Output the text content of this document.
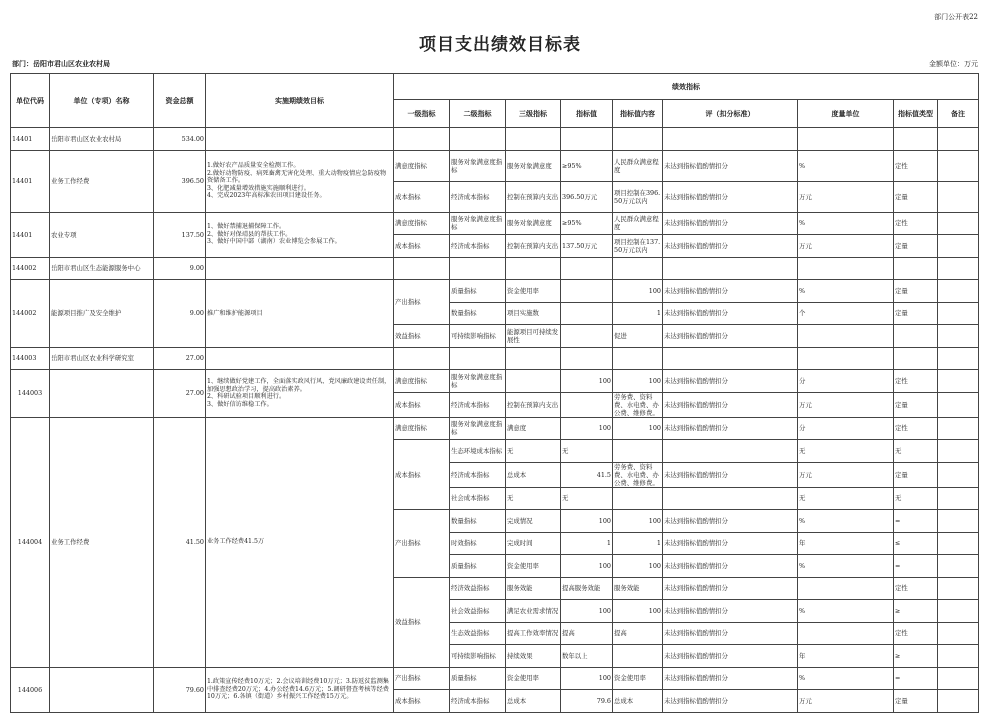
部门公开表22
项目支出绩效目标表
部门：岳阳市君山区农业农村局	金额单位：万元
单位代码	单位（专项）名称	资金总额	实施期绩效目标	绩效指标								
				一级指标	二级指标	三级指标	指标值	指标值内容	评（扣分标准）	度量单位	指标值类型	备注
14401	岳阳市君山区农业农村局	534.00										
14401	业务工作经费	396.50	1.做好农产品质量安全检测工作。
2.做好动物防疫、病死畜禽无害化处理、重大动物疫情应急防疫物资储备工作。
3、化肥减量增效措施实施顺利进行。
4、完成2023年高标准农田项目建设任务。	满意度指标	服务对象满意度指标	服务对象满意度	≥95%	人民群众满意程度	未达到指标值酌情扣分	%	定性	
				成本指标	经济成本指标	控制在预算内支出	396.50万元	项目控制在396.50万元以内	未达到指标值酌情扣分	万元	定量	
14401	农业专项	137.50	1、做好禁捕退捕保障工作。
2、做好对保靖县的帮扶工作。
3、做好中国中部（湖南）农业博览会参展工作。	满意度指标	服务对象满意度指标	服务对象满意度	≥95%	人民群众满意程度	未达到指标值酌情扣分	%	定性	
				成本指标	经济成本指标	控制在预算内支出	137.50万元	项目控制在137.50万元以内	未达到指标值酌情扣分	万元	定量	
144002	岳阳市君山区生态能源服务中心	9.00										
144002	能源项目推广及安全维护	9.00	推广和维护能源项目	产出指标	质量指标	资金使用率		100	未达到指标值酌情扣分	%	定量	
					数量指标	项目实施数		1	未达到指标值酌情扣分	个	定量	
				效益指标	可持续影响指标	能源项目可持续发展性		促进	未达到指标值酌情扣分			
144003	岳阳市君山区农业科学研究室	27.00										
144003		27.00	1、继续做好党建工作，全面落实政风行风、党风廉政建设责任制，加强思想政治学习，提高政治素养。
2、科研试验项目顺利进行。
3、做好信访维稳工作。	满意度指标	服务对象满意度指标		100	100	未达到指标值酌情扣分	分	定性	
				成本指标	经济成本指标	控制在预算内支出		劳务费、资料费、水电费、办公费、维修费。	未达到指标值酌情扣分	万元	定量	
144004	业务工作经费	41.50	业务工作经费41.5万	满意度指标	服务对象满意度指标	满意度	100	100	未达到指标值酌情扣分	分	定性	
				成本指标	生态环境成本指标	无	无			无	无	
					经济成本指标	总成本	41.5	劳务费、资料费、水电费、办公费、维修费。	未达到指标值酌情扣分	万元	定量	
					社会成本指标	无	无			无	无	
				产出指标	数量指标	完成情况	100	100	未达到指标值酌情扣分	%	=	
					时效指标	完成时间	1	1	未达到指标值酌情扣分	年	≤	
					质量指标	资金使用率	100	100	未达到指标值酌情扣分	%	=	
				效益指标	经济效益指标	服务效能	提高服务效能	服务效能	未达到指标值酌情扣分		定性	
					社会效益指标	满足农业需求情况	100	100	未达到指标值酌情扣分	%	≥	
					生态效益指标	提高工作效率情况	提高	提高	未达到指标值酌情扣分		定性	
					可持续影响指标	持续效果	数年以上		未达到指标值酌情扣分	年	≥	
144006		79.60	1.政策宣传经费10万元；2.会议培训经费10万元；3.防返贫监测集中排查经费20万元；4.办公经费14.6万元；5.调研督查考核等经费10万元；6.各镇（街道）乡村振兴工作经费15万元。	产出指标	质量指标	资金使用率	100	资金使用率	未达到指标值酌情扣分	%	=	
				成本指标	经济成本指标	总成本	79.6	总成本	未达到指标值酌情扣分	万元	定量	
